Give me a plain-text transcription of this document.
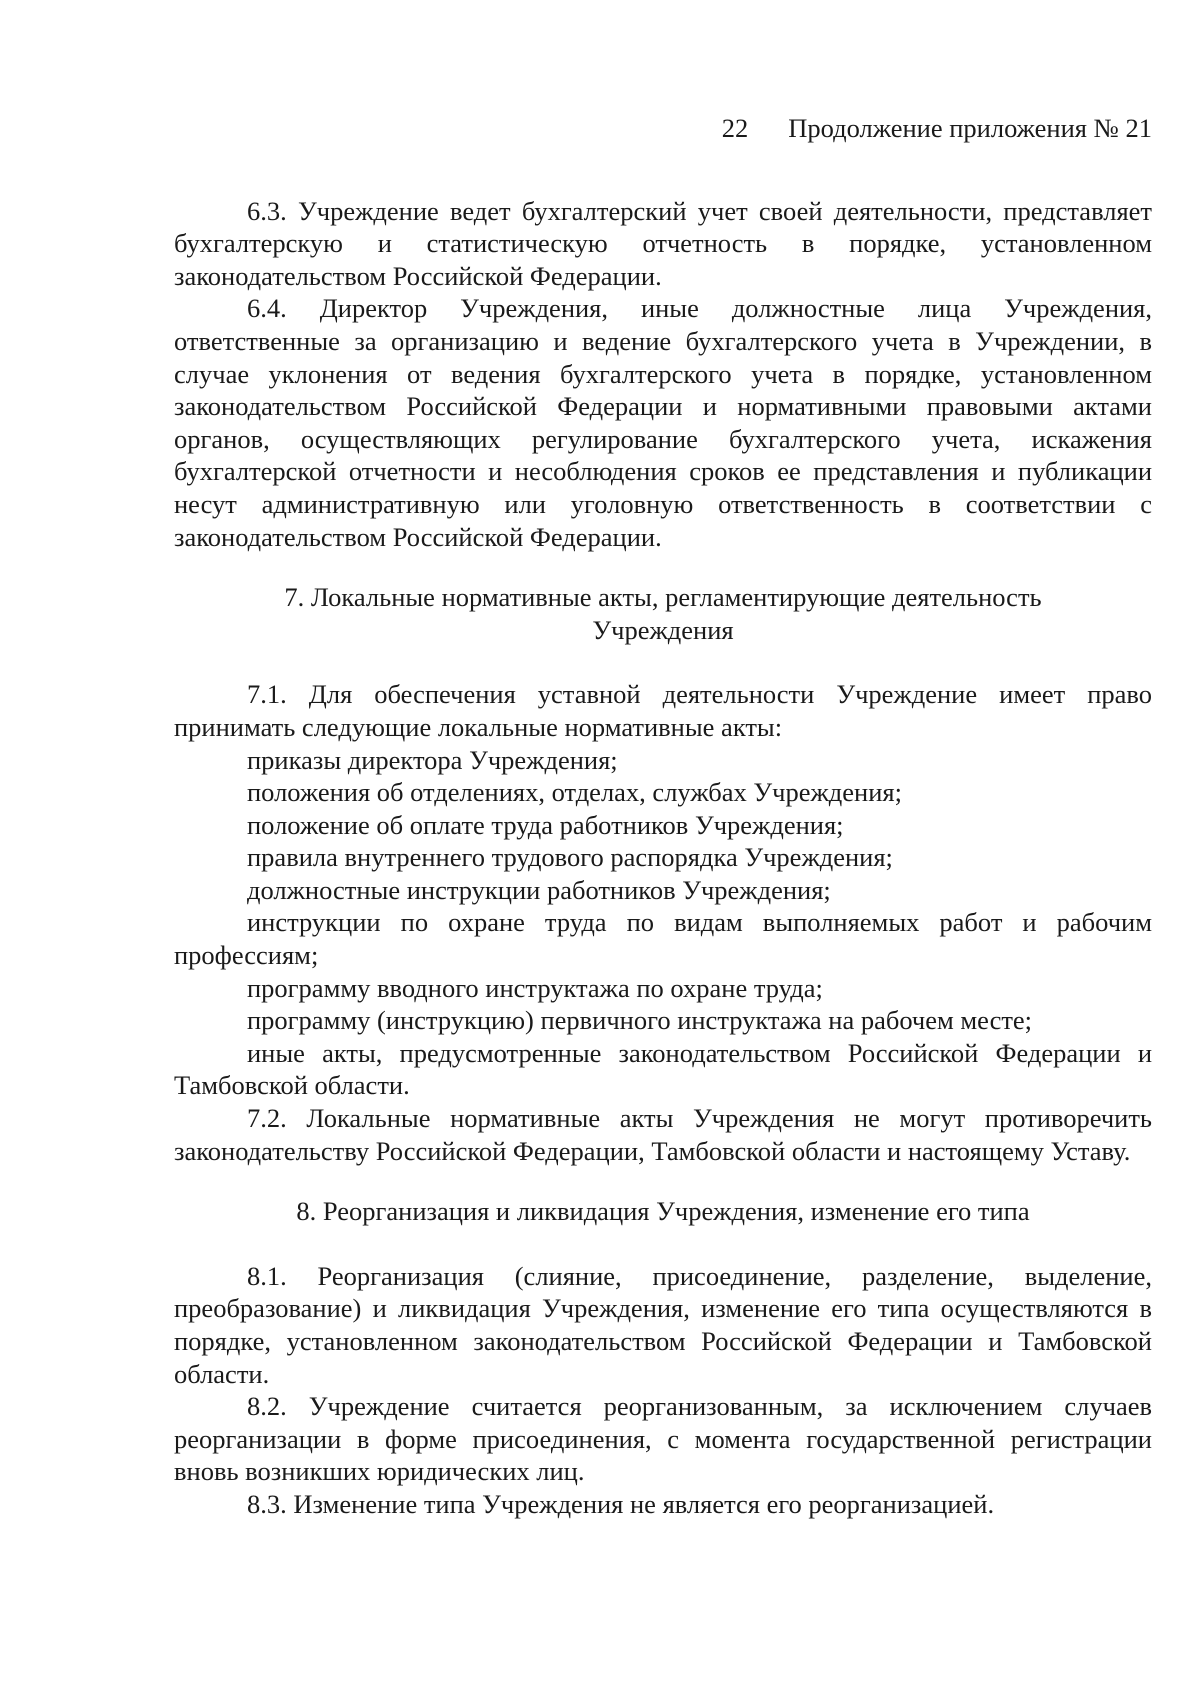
22 Продолжение приложения № 21

6.3. Учреждение ведет бухгалтерский учет своей деятельности, представляет бухгалтерскую и статистическую отчетность в порядке, установленном законодательством Российской Федерации.

6.4. Директор Учреждения, иные должностные лица Учреждения, ответственные за организацию и ведение бухгалтерского учета в Учреждении, в случае уклонения от ведения бухгалтерского учета в порядке, установленном законодательством Российской Федерации и нормативными правовыми актами органов, осуществляющих регулирование бухгалтерского учета, искажения бухгалтерской отчетности и несоблюдения сроков ее представления и публикации несут административную или уголовную ответственность в соответствии с законодательством Российской Федерации.

7. Локальные нормативные акты, регламентирующие деятельность Учреждения

7.1. Для обеспечения уставной деятельности Учреждение имеет право принимать следующие локальные нормативные акты:

приказы директора Учреждения;

положения об отделениях, отделах, службах Учреждения;

положение об оплате труда работников Учреждения;

правила внутреннего трудового распорядка Учреждения;

должностные инструкции работников Учреждения;

инструкции по охране труда по видам выполняемых работ и рабочим профессиям;

программу вводного инструктажа по охране труда;

программу (инструкцию) первичного инструктажа на рабочем месте;

иные акты, предусмотренные законодательством Российской Федерации и Тамбовской области.

7.2. Локальные нормативные акты Учреждения не могут противоречить законодательству Российской Федерации, Тамбовской области и настоящему Уставу.

8. Реорганизация и ликвидация Учреждения, изменение его типа

8.1. Реорганизация (слияние, присоединение, разделение, выделение, преобразование) и ликвидация Учреждения, изменение его типа осуществляются в порядке, установленном законодательством Российской Федерации и Тамбовской области.

8.2. Учреждение считается реорганизованным, за исключением случаев реорганизации в форме присоединения, с момента государственной регистрации вновь возникших юридических лиц.

8.3. Изменение типа Учреждения не является его реорганизацией.
